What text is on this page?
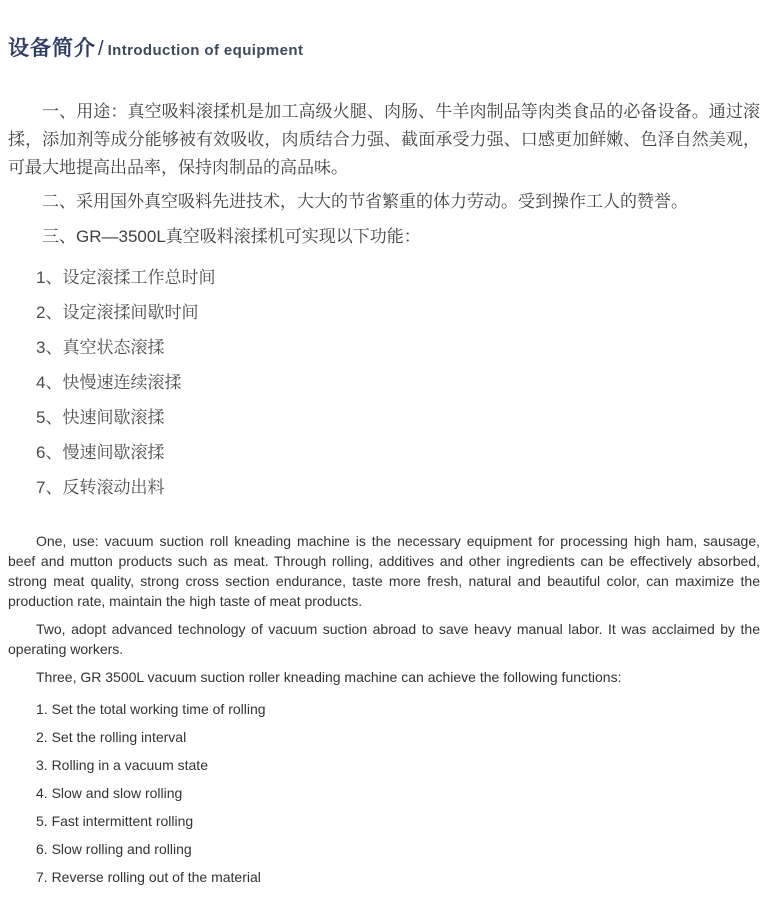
设备简介 / Introduction of equipment

一、用途：真空吸料滚揉机是加工高级火腿、肉肠、牛羊肉制品等肉类食品的必备设备。通过滚揉，添加剂等成分能够被有效吸收，肉质结合力强、截面承受力强、口感更加鲜嫩、色泽自然美观，可最大地提高出品率，保持肉制品的高品味。

二、采用国外真空吸料先进技术，大大的节省繁重的体力劳动。受到操作工人的赞誉。

三、GR—3500L真空吸料滚揉机可实现以下功能：

1、设定滚揉工作总时间
2、设定滚揉间歇时间
3、真空状态滚揉
4、快慢速连续滚揉
5、快速间歇滚揉
6、慢速间歇滚揉
7、反转滚动出料

One, use: vacuum suction roll kneading machine is the necessary equipment for processing high ham, sausage, beef and mutton products such as meat. Through rolling, additives and other ingredients can be effectively absorbed, strong meat quality, strong cross section endurance, taste more fresh, natural and beautiful color, can maximize the production rate, maintain the high taste of meat products.

Two, adopt advanced technology of vacuum suction abroad to save heavy manual labor. It was acclaimed by the operating workers.

Three, GR 3500L vacuum suction roller kneading machine can achieve the following functions:

1. Set the total working time of rolling
2. Set the rolling interval
3. Rolling in a vacuum state
4. Slow and slow rolling
5. Fast intermittent rolling
6. Slow rolling and rolling
7. Reverse rolling out of the material
